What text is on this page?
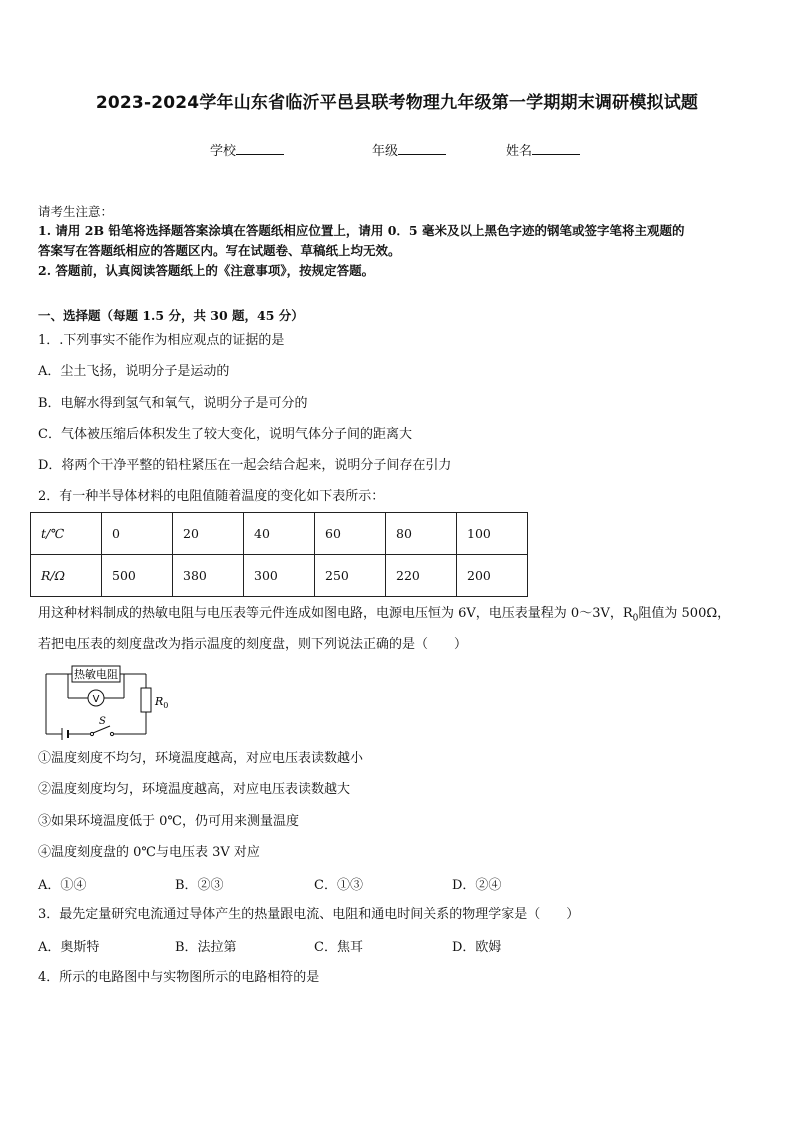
2023-2024学年山东省临沂平邑县联考物理九年级第一学期期末调研模拟试题
学校	年级	姓名
请考生注意：
1. 请用 2B 铅笔将选择题答案涂填在答题纸相应位置上，请用 0．5 毫米及以上黑色字迹的钢笔或签字笔将主观题的
答案写在答题纸相应的答题区内。写在试题卷、草稿纸上均无效。
2. 答题前，认真阅读答题纸上的《注意事项》，按规定答题。
一、选择题（每题 1.5 分，共 30 题，45 分）
1．.下列事实不能作为相应观点的证据的是
A．尘土飞扬，说明分子是运动的
B．电解水得到氢气和氧气，说明分子是可分的
C．气体被压缩后体积发生了较大变化，说明气体分子间的距离大
D．将两个干净平整的铅柱紧压在一起会结合起来，说明分子间存在引力
2．有一种半导体材料的电阻值随着温度的变化如下表所示：
t/℃	0	20	40	60	80	100
R/Ω	500	380	300	250	220	200
用这种材料制成的热敏电阻与电压表等元件连成如图电路，电源电压恒为 6V，电压表量程为 0～3V，$R_0$阻值为 500Ω，
若把电压表的刻度盘改为指示温度的刻度盘，则下列说法正确的是（　　）
热敏电阻
V	$R_0$
S
①温度刻度不均匀，环境温度越高，对应电压表读数越小
②温度刻度均匀，环境温度越高，对应电压表读数越大
③如果环境温度低于 0℃，仍可用来测量温度
④温度刻度盘的 0℃与电压表 3V 对应
A．①④	B．②③	C．①③	D．②④
3．最先定量研究电流通过导体产生的热量跟电流、电阻和通电时间关系的物理学家是（　　）
A．奥斯特	B．法拉第	C．焦耳	D．欧姆
4．所示的电路图中与实物图所示的电路相符的是
